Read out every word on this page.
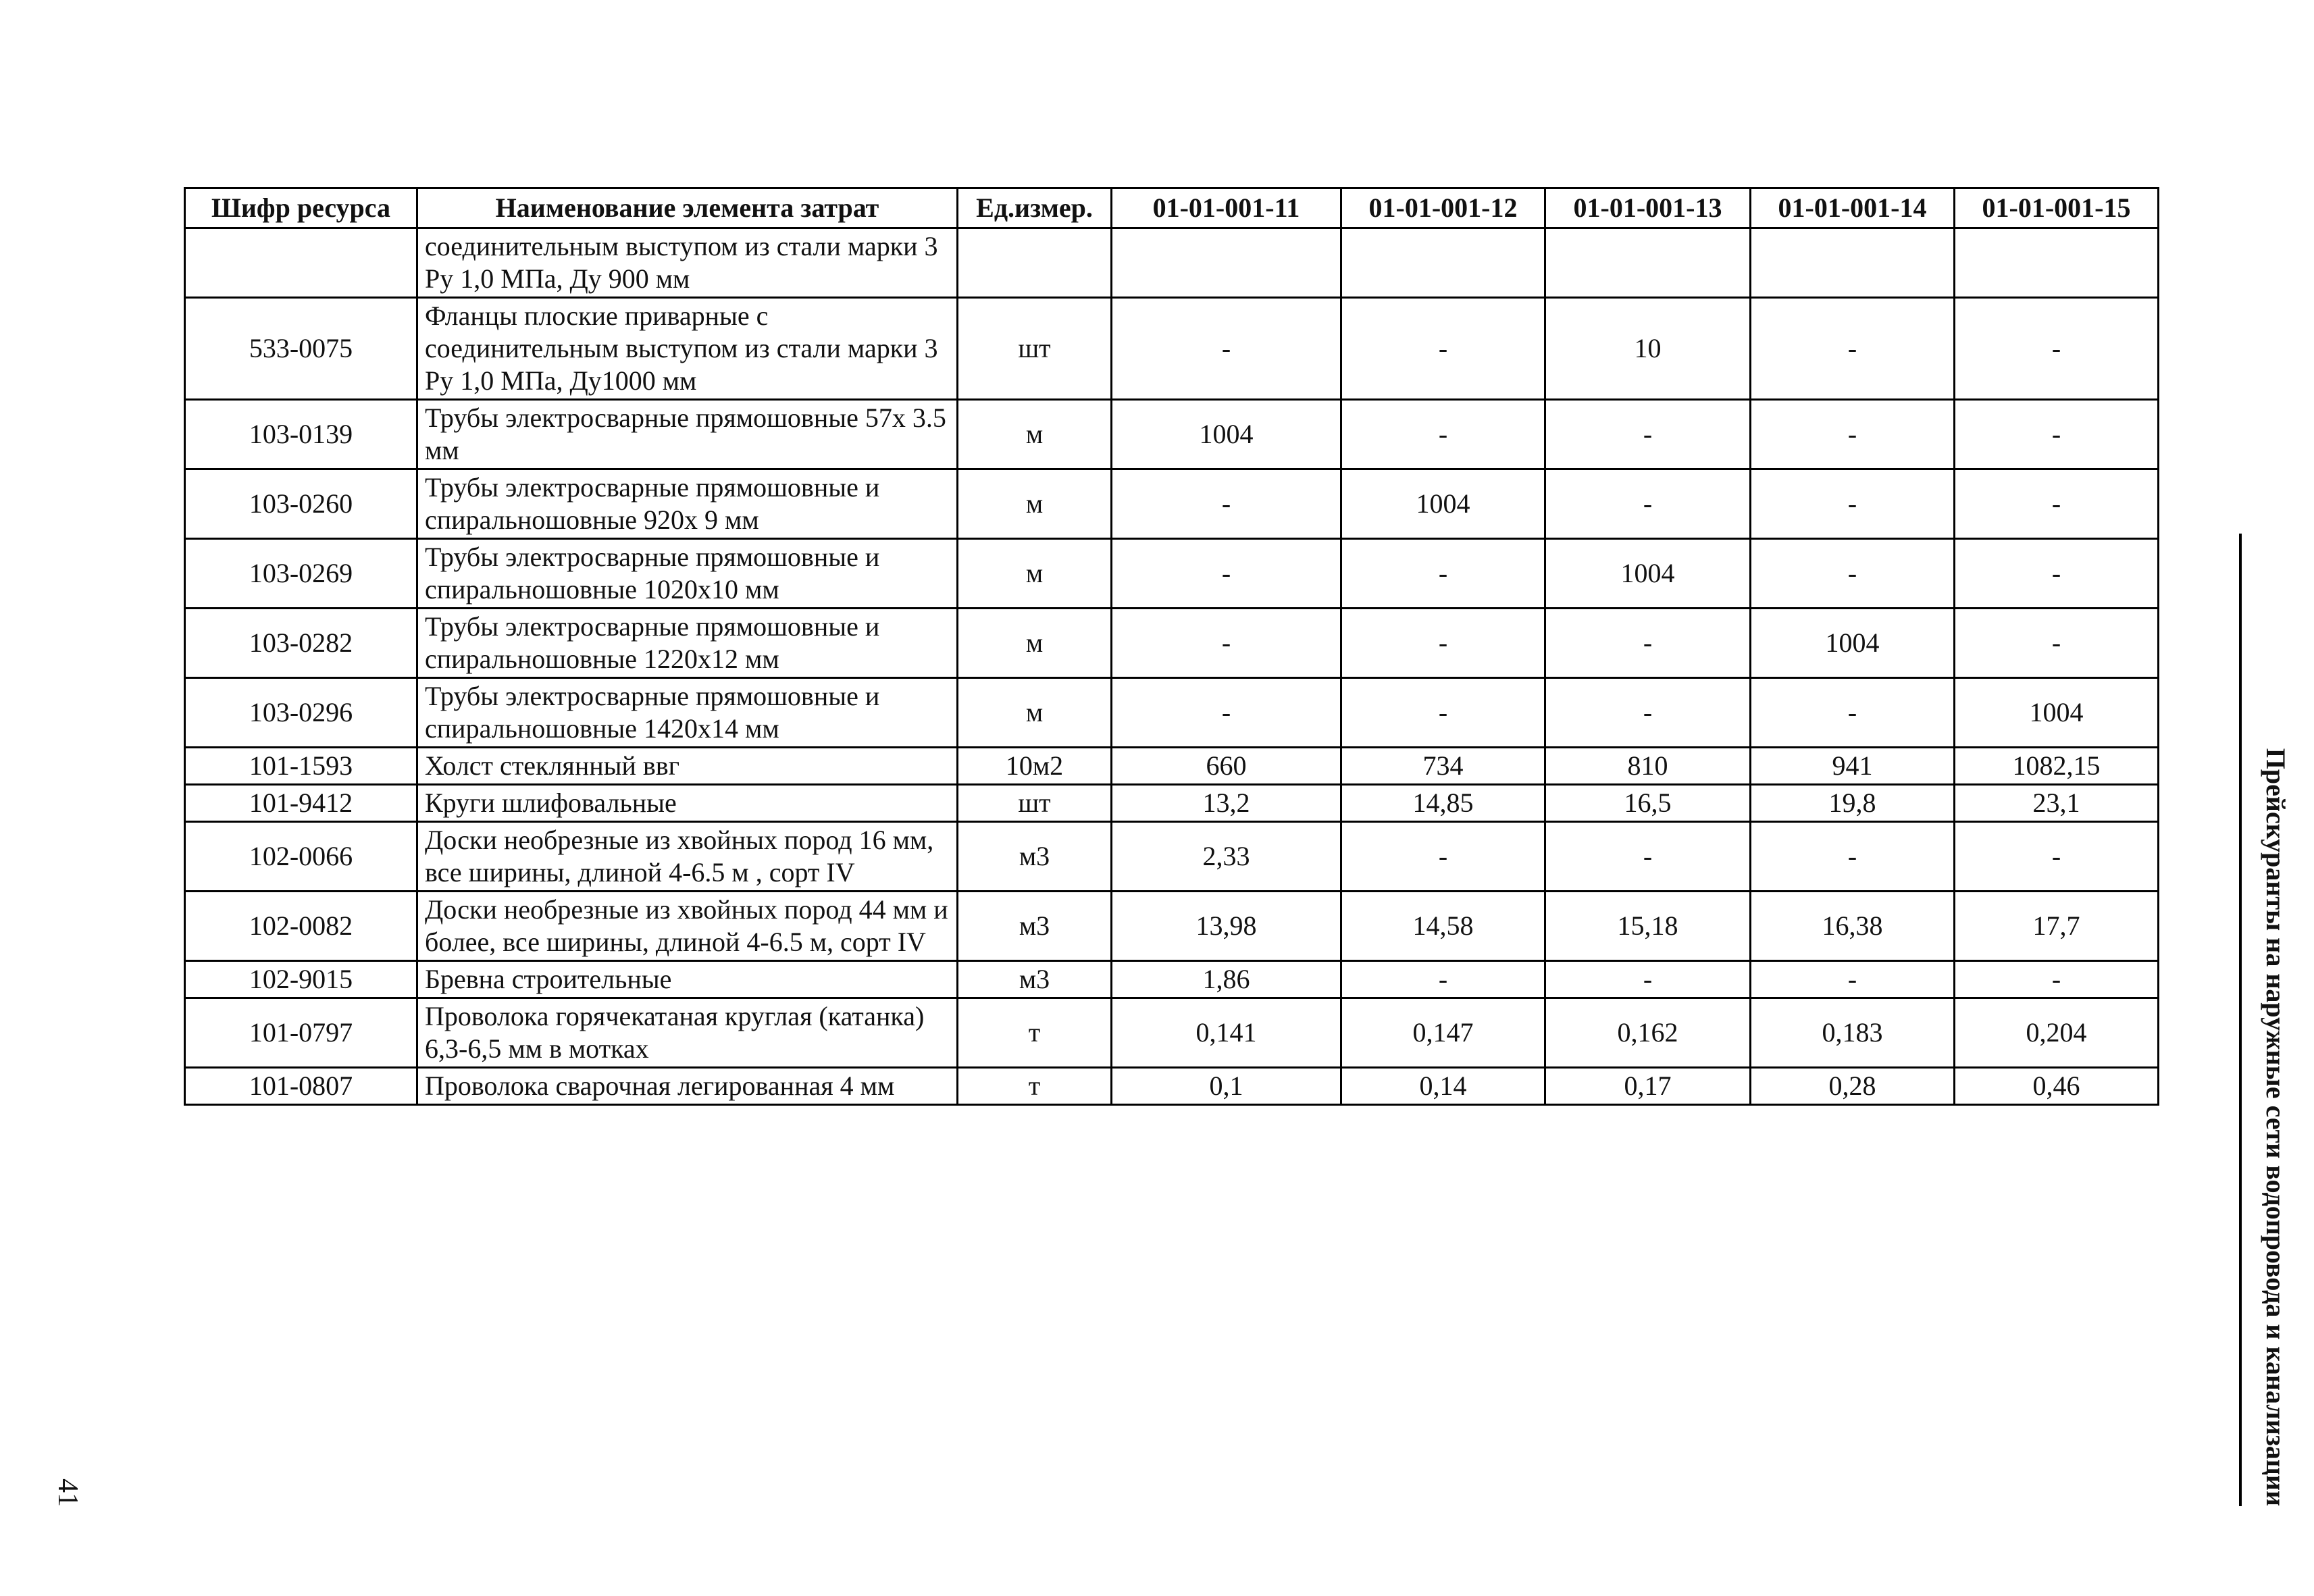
Шифр ресурса	Наименование элемента затрат	Ед.измер.	01-01-001-11	01-01-001-12	01-01-001-13	01-01-001-14	01-01-001-15
	соединительным выступом из стали марки 3 Ру 1,0 МПа, Ду 900 мм						
533-0075	Фланцы плоские приварные с соединительным выступом из стали марки 3 Ру 1,0 МПа, Ду1000 мм	шт	-	-	10	-	-
103-0139	Трубы электросварные прямошовные 57х 3.5 мм	м	1004	-	-	-	-
103-0260	Трубы электросварные прямошовные и спиральношовные 920х 9 мм	м	-	1004	-	-	-
103-0269	Трубы электросварные прямошовные и спиральношовные 1020х10 мм	м	-	-	1004	-	-
103-0282	Трубы электросварные прямошовные и спиральношовные 1220х12 мм	м	-	-	-	1004	-
103-0296	Трубы электросварные прямошовные и спиральношовные 1420х14 мм	м	-	-	-	-	1004
101-1593	Холст стеклянный ввг	10м2	660	734	810	941	1082,15
101-9412	Круги шлифовальные	шт	13,2	14,85	16,5	19,8	23,1
102-0066	Доски необрезные из хвойных пород 16 мм, все ширины, длиной 4-6.5 м , сорт IV	м3	2,33	-	-	-	-
102-0082	Доски необрезные из хвойных пород 44 мм и более, все ширины, длиной 4-6.5 м, сорт IV	м3	13,98	14,58	15,18	16,38	17,7
102-9015	Бревна строительные	м3	1,86	-	-	-	-
101-0797	Проволока горячекатаная круглая (катанка) 6,3-6,5 мм в мотках	т	0,141	0,147	0,162	0,183	0,204
101-0807	Проволока сварочная легированная 4 мм	т	0,1	0,14	0,17	0,28	0,46
41	Прейскуранты на наружные сети водопровода и канализации
